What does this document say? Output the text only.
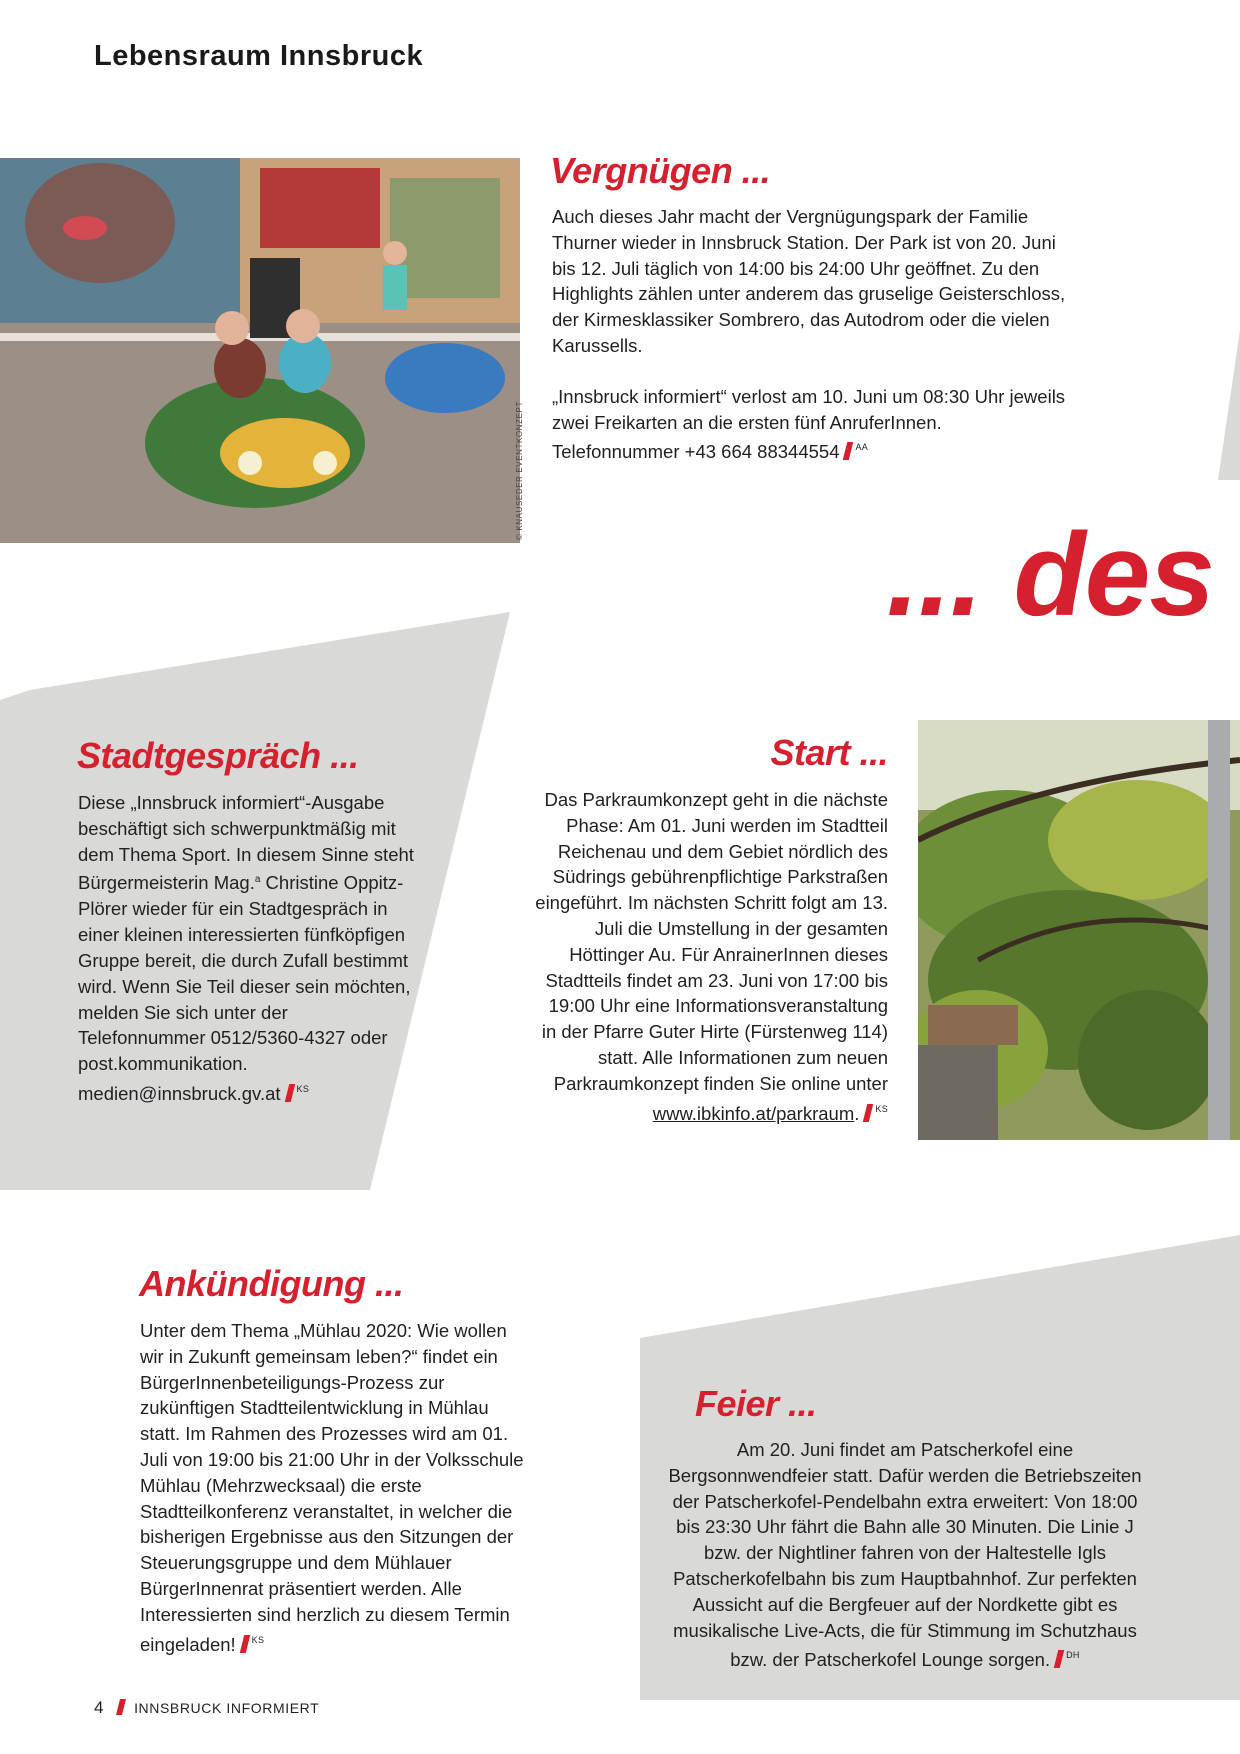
Lebensraum Innsbruck
© KNAUSEDER EVENTKONZEPT
Vergnügen ...

Auch dieses Jahr macht der Vergnügungspark der Familie Thurner wieder in Innsbruck Station. Der Park ist von 20. Juni bis 12. Juli täglich von 14:00 bis 24:00 Uhr geöffnet. Zu den Highlights zählen unter anderem das gruselige Geisterschloss, der Kirmesklassiker Sombrero, das Autodrom oder die vielen Karussells.

„Innsbruck informiert“ verlost am 10. Juni um 08:30 Uhr jeweils zwei Freikarten an die ersten fünf AnruferInnen. Telefonnummer +43 664 88344554 $^{AA}$

... des
Stadtgespräch ...

Diese „Innsbruck informiert“-Ausgabe beschäftigt sich schwerpunktmäßig mit dem Thema Sport. In diesem Sinne steht Bürgermeisterin Mag.$^a$ Christine Oppitz-Plörer wieder für ein Stadtgespräch in einer kleinen interessierten fünfköpfigen Gruppe bereit, die durch Zufall bestimmt wird. Wenn Sie Teil dieser sein möchten, melden Sie sich unter der Telefonnummer 0512/5360-4327 oder post.kommunikation. medien@innsbruck.gv.at $^{KS}$

Start ...

Das Parkraumkonzept geht in die nächste Phase: Am 01. Juni werden im Stadtteil Reichenau und dem Gebiet nördlich des Südrings gebührenpflichtige Parkstraßen eingeführt. Im nächsten Schritt folgt am 13. Juli die Umstellung in der gesamten Höttinger Au. Für AnrainerInnen dieses Stadtteils findet am 23. Juni von 17:00 bis 19:00 Uhr eine Informationsveranstaltung in der Pfarre Guter Hirte (Fürstenweg 114) statt. Alle Informationen zum neuen Parkraumkonzept finden Sie online unter www.ibkinfo.at/parkraum. $^{KS}$

Ankündigung ...

Unter dem Thema „Mühlau 2020: Wie wollen wir in Zukunft gemeinsam leben?“ findet ein BürgerInnenbeteiligungs-Prozess zur zukünftigen Stadtteilentwicklung in Mühlau statt. Im Rahmen des Prozesses wird am 01. Juli von 19:00 bis 21:00 Uhr in der Volksschule Mühlau (Mehrzwecksaal) die erste Stadtteilkonferenz veranstaltet, in welcher die bisherigen Ergebnisse aus den Sitzungen der Steuerungsgruppe und dem Mühlauer BürgerInnenrat präsentiert werden. Alle Interessierten sind herzlich zu diesem Termin eingeladen! $^{KS}$

Feier ...

Am 20. Juni findet am Patscherkofel eine Bergsonnwendfeier statt. Dafür werden die Betriebszeiten der Patscherkofel-Pendelbahn extra erweitert: Von 18:00 bis 23:30 Uhr fährt die Bahn alle 30 Minuten. Die Linie J bzw. der Nightliner fahren von der Haltestelle Igls Patscherkofelbahn bis zum Hauptbahnhof. Zur perfekten Aussicht auf die Bergfeuer auf der Nordkette gibt es musikalische Live-Acts, die für Stimmung im Schutzhaus bzw. der Patscherkofel Lounge sorgen. $^{DH}$

4 INNSBRUCK INFORMIERT
